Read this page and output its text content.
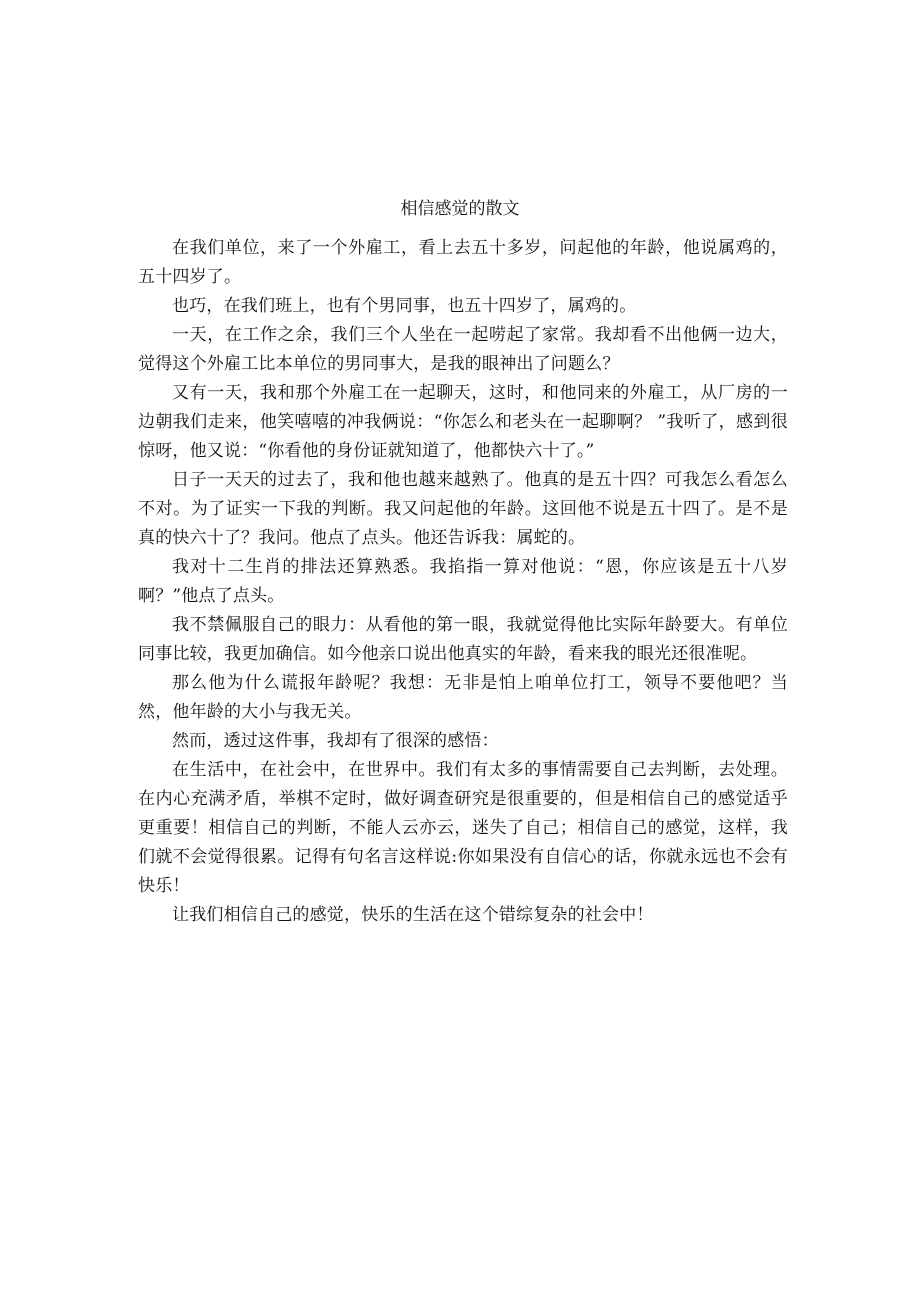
相信感觉的散文

在我们单位，来了一个外雇工，看上去五十多岁，问起他的年龄，他说属鸡的，五十四岁了。

也巧，在我们班上，也有个男同事，也五十四岁了，属鸡的。

一天，在工作之余，我们三个人坐在一起唠起了家常。我却看不出他俩一边大，觉得这个外雇工比本单位的男同事大，是我的眼神出了问题么？

又有一天，我和那个外雇工在一起聊天，这时，和他同来的外雇工，从厂房的一边朝我们走来，他笑嘻嘻的冲我俩说：“你怎么和老头在一起聊啊？ ”我听了，感到很惊呀，他又说：“你看他的身份证就知道了，他都快六十了。”

日子一天天的过去了，我和他也越来越熟了。他真的是五十四？可我怎么看怎么不对。为了证实一下我的判断。我又问起他的年龄。这回他不说是五十四了。是不是真的快六十了？我问。他点了点头。他还告诉我：属蛇的。

我对十二生肖的排法还算熟悉。我掐指一算对他说：“恩，你应该是五十八岁啊？”他点了点头。

我不禁佩服自己的眼力：从看他的第一眼，我就觉得他比实际年龄要大。有单位同事比较，我更加确信。如今他亲口说出他真实的年龄，看来我的眼光还很准呢。

那么他为什么谎报年龄呢？我想：无非是怕上咱单位打工，领导不要他吧？当然，他年龄的大小与我无关。

然而，透过这件事，我却有了很深的感悟：

在生活中，在社会中，在世界中。我们有太多的事情需要自己去判断，去处理。在内心充满矛盾，举棋不定时，做好调查研究是很重要的，但是相信自己的感觉适乎更重要！相信自己的判断，不能人云亦云，迷失了自己；相信自己的感觉，这样，我们就不会觉得很累。记得有句名言这样说:你如果没有自信心的话，你就永远也不会有快乐！

让我们相信自己的感觉，快乐的生活在这个错综复杂的社会中！
